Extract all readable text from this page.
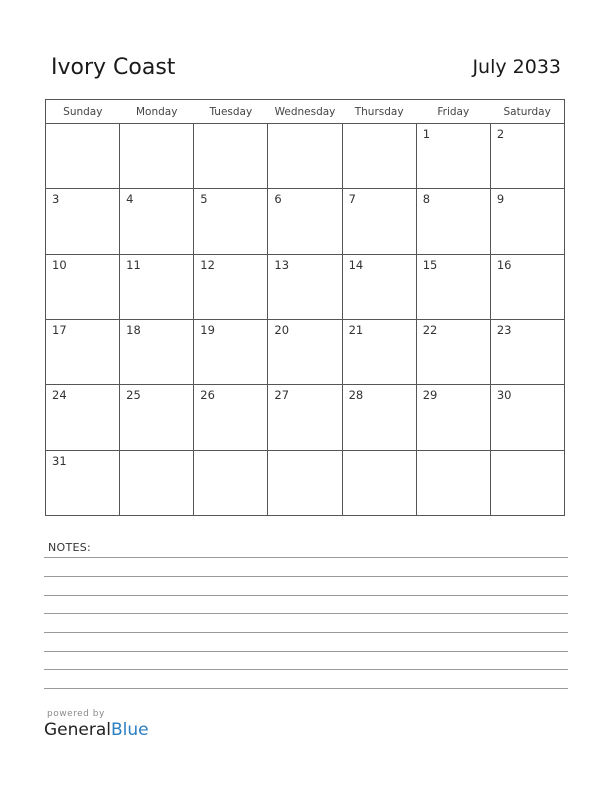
Ivory Coast	July 2033
Sunday	Monday	Tuesday	Wednesday	Thursday	Friday	Saturday

					1	2

3	4	5	6	7	8	9

10	11	12	13	14	15	16

17	18	19	20	21	22	23

24	25	26	27	28	29	30

31						

NOTES:
powered by
GeneralBlue
